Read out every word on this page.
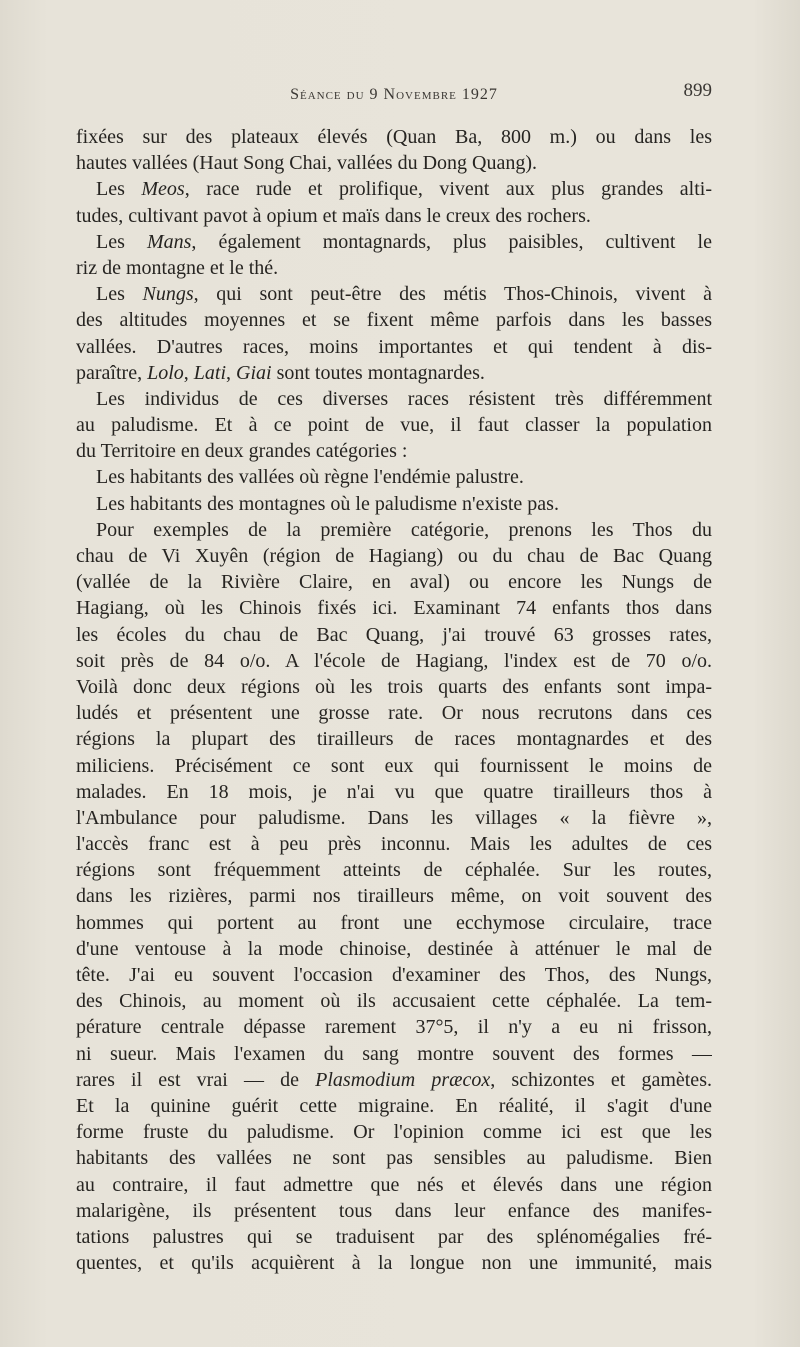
Séance du 9 Novembre 1927	899
fixées sur des plateaux élevés (Quan Ba, 800 m.) ou dans les
hautes vallées (Haut Song Chai, vallées du Dong Quang).
Les Meos, race rude et prolifique, vivent aux plus grandes alti-
tudes, cultivant pavot à opium et maïs dans le creux des rochers.
Les Mans, également montagnards, plus paisibles, cultivent le
riz de montagne et le thé.
Les Nungs, qui sont peut-être des métis Thos-Chinois, vivent à
des altitudes moyennes et se fixent même parfois dans les basses
vallées. D'autres races, moins importantes et qui tendent à dis-
paraître, Lolo, Lati, Giai sont toutes montagnardes.
Les individus de ces diverses races résistent très différemment
au paludisme. Et à ce point de vue, il faut classer la population
du Territoire en deux grandes catégories :
Les habitants des vallées où règne l'endémie palustre.
Les habitants des montagnes où le paludisme n'existe pas.
Pour exemples de la première catégorie, prenons les Thos du
chau de Vi Xuyên (région de Hagiang) ou du chau de Bac Quang
(vallée de la Rivière Claire, en aval) ou encore les Nungs de
Hagiang, où les Chinois fixés ici. Examinant 74 enfants thos dans
les écoles du chau de Bac Quang, j'ai trouvé 63 grosses rates,
soit près de 84 o/o. A l'école de Hagiang, l'index est de 70 o/o.
Voilà donc deux régions où les trois quarts des enfants sont impa-
ludés et présentent une grosse rate. Or nous recrutons dans ces
régions la plupart des tirailleurs de races montagnardes et des
miliciens. Précisément ce sont eux qui fournissent le moins de
malades. En 18 mois, je n'ai vu que quatre tirailleurs thos à
l'Ambulance pour paludisme. Dans les villages « la fièvre »,
l'accès franc est à peu près inconnu. Mais les adultes de ces
régions sont fréquemment atteints de céphalée. Sur les routes,
dans les rizières, parmi nos tirailleurs même, on voit souvent des
hommes qui portent au front une ecchymose circulaire, trace
d'une ventouse à la mode chinoise, destinée à atténuer le mal de
tête. J'ai eu souvent l'occasion d'examiner des Thos, des Nungs,
des Chinois, au moment où ils accusaient cette céphalée. La tem-
pérature centrale dépasse rarement 37°5, il n'y a eu ni frisson,
ni sueur. Mais l'examen du sang montre souvent des formes —
rares il est vrai — de Plasmodium præcox, schizontes et gamètes.
Et la quinine guérit cette migraine. En réalité, il s'agit d'une
forme fruste du paludisme. Or l'opinion comme ici est que les
habitants des vallées ne sont pas sensibles au paludisme. Bien
au contraire, il faut admettre que nés et élevés dans une région
malarigène, ils présentent tous dans leur enfance des manifes-
tations palustres qui se traduisent par des splénomégalies fré-
quentes, et qu'ils acquièrent à la longue non une immunité, mais
